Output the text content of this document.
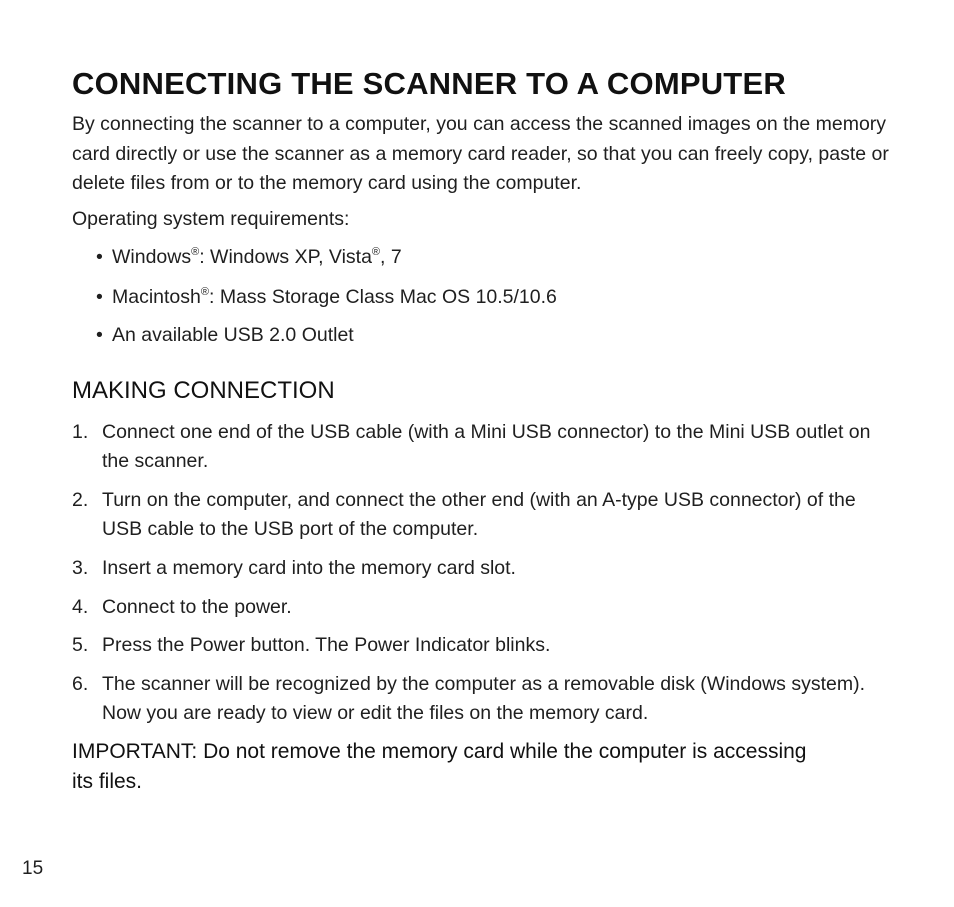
CONNECTING THE SCANNER TO A COMPUTER

By connecting the scanner to a computer, you can access the scanned images on the memory card directly or use the scanner as a memory card reader, so that you can freely copy, paste or delete files from or to the memory card using the computer.

Operating system requirements:

• Windows®: Windows XP, Vista®, 7
• Macintosh®: Mass Storage Class Mac OS 10.5/10.6
• An available USB 2.0 Outlet
MAKING CONNECTION
1. Connect one end of the USB cable (with a Mini USB connector) to the Mini USB outlet on the scanner.
2. Turn on the computer, and connect the other end (with an A-type USB connector) of the USB cable to the USB port of the computer.
3. Insert a memory card into the memory card slot.
4. Connect to the power.
5. Press the Power button. The Power Indicator blinks.
6. The scanner will be recognized by the computer as a removable disk (Windows system). Now you are ready to view or edit the files on the memory card.

IMPORTANT: Do not remove the memory card while the computer is accessing its files.

15
